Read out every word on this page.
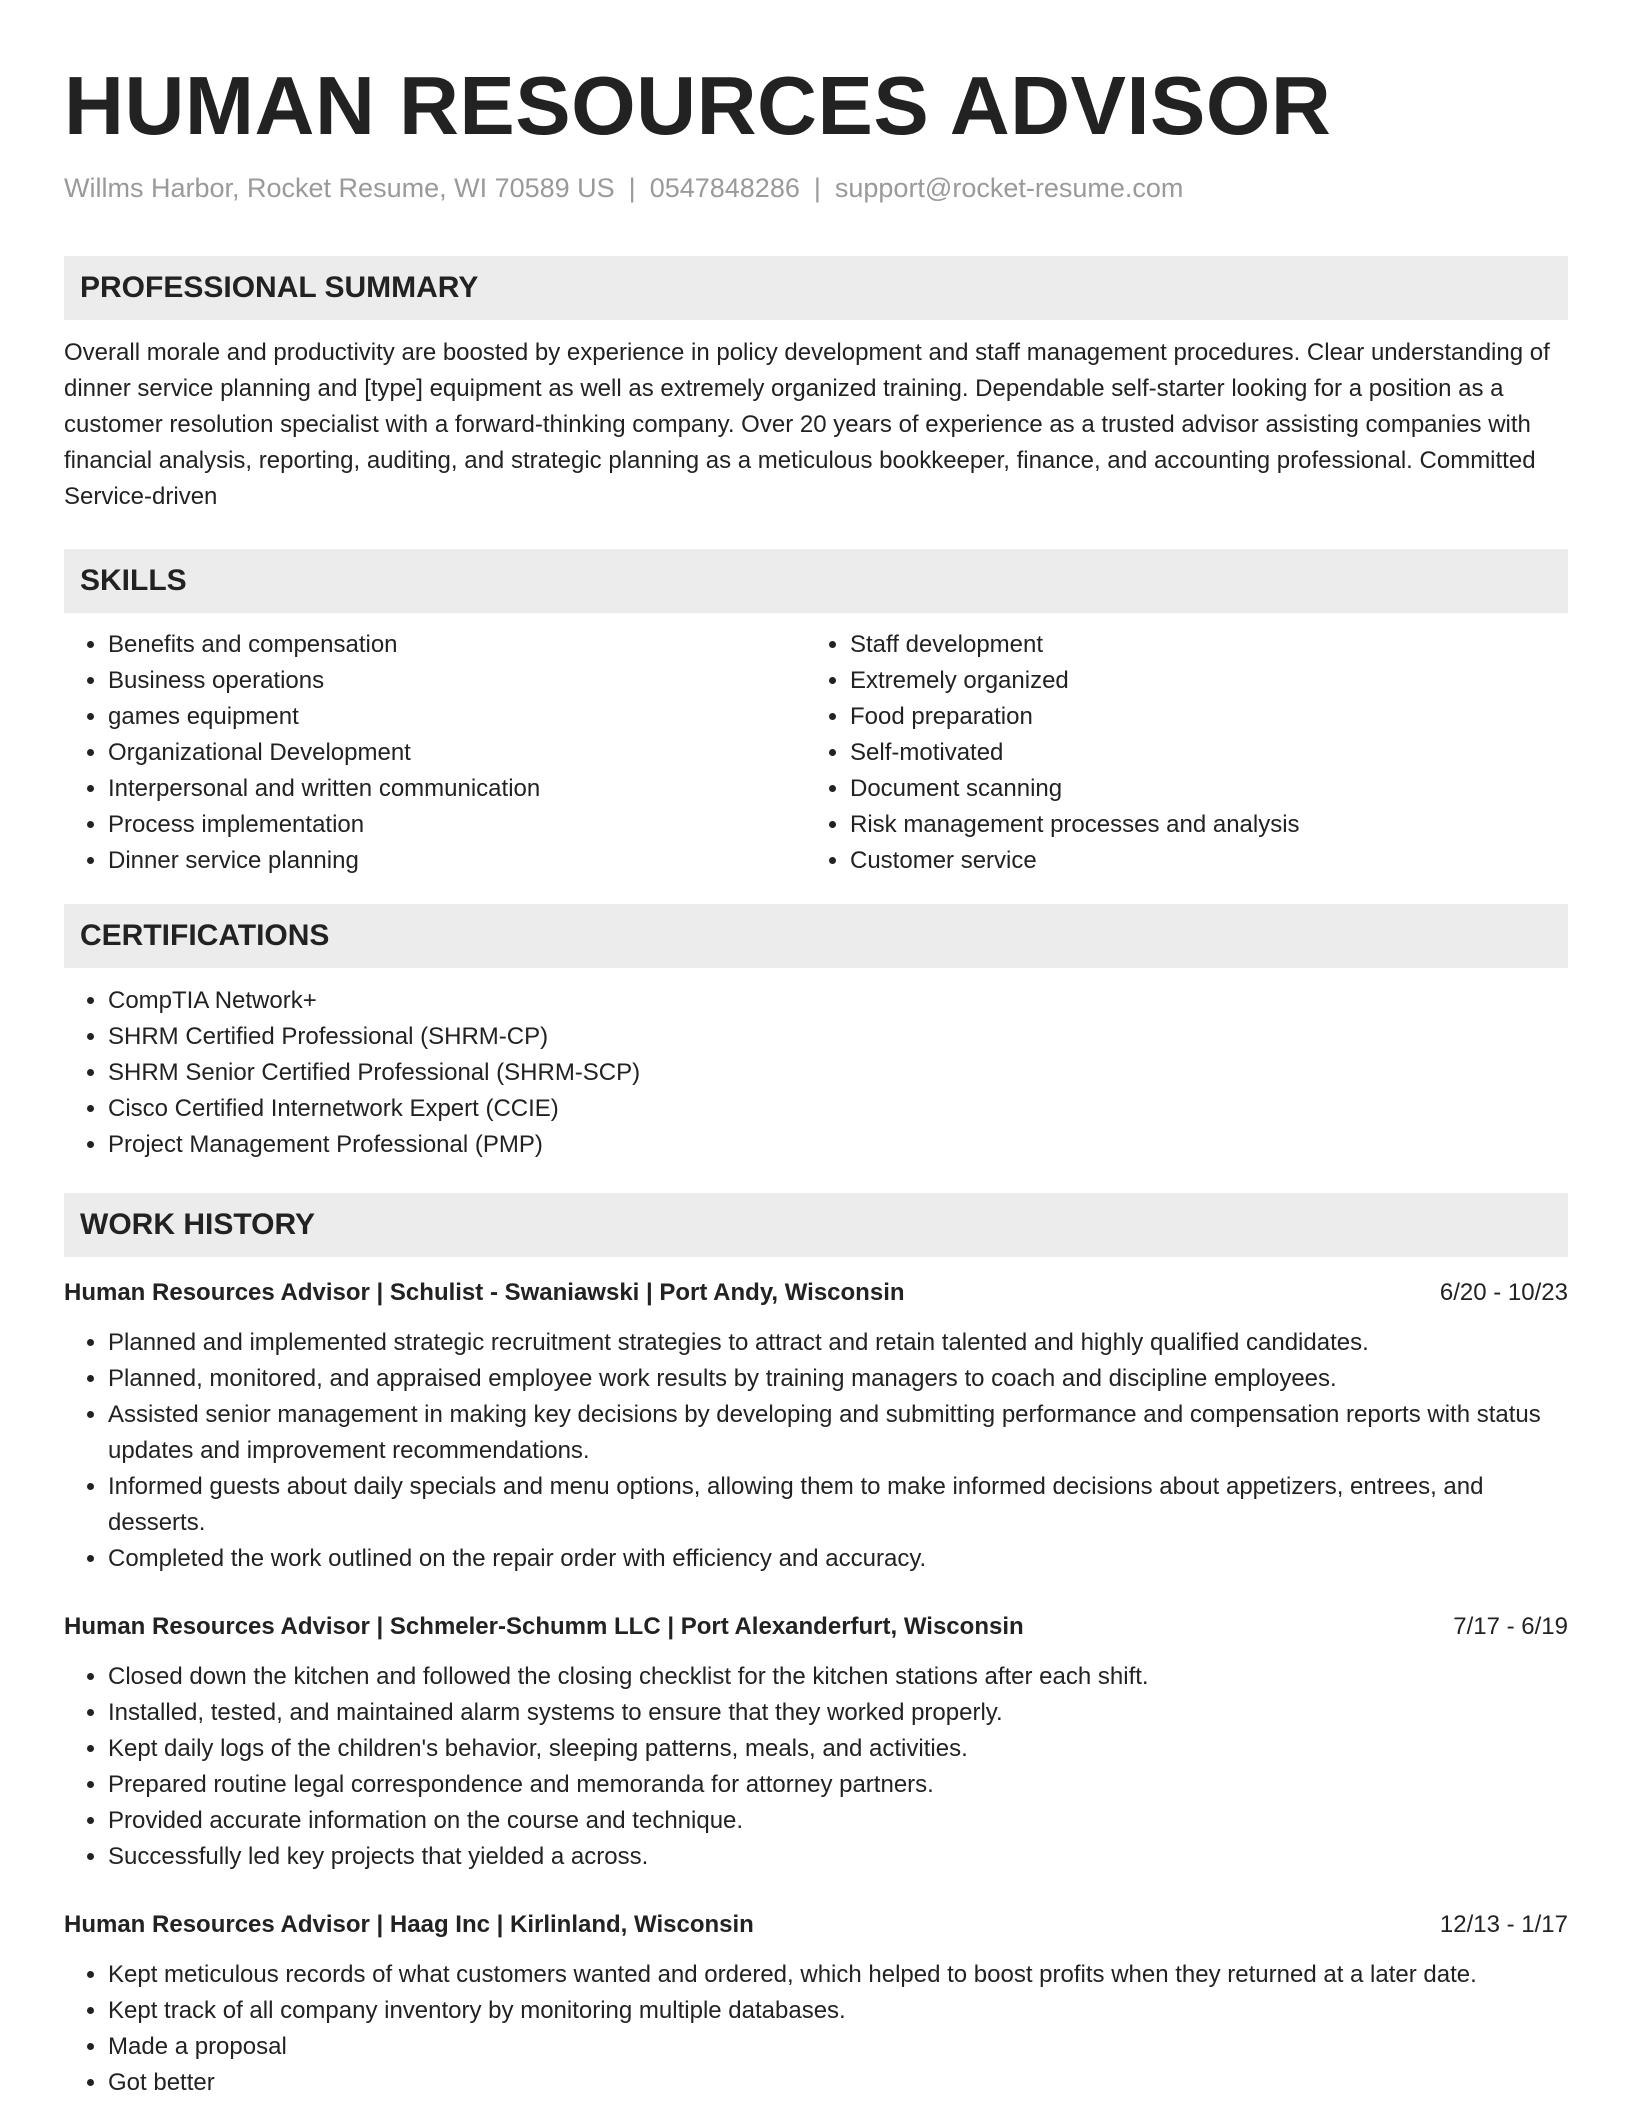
HUMAN RESOURCES ADVISOR
Willms Harbor, Rocket Resume, WI 70589 US | 0547848286 | support@rocket-resume.com
PROFESSIONAL SUMMARY
Overall morale and productivity are boosted by experience in policy development and staff management procedures. Clear understanding of dinner service planning and [type] equipment as well as extremely organized training. Dependable self-starter looking for a position as a customer resolution specialist with a forward-thinking company. Over 20 years of experience as a trusted advisor assisting companies with financial analysis, reporting, auditing, and strategic planning as a meticulous bookkeeper, finance, and accounting professional. Committed Service-driven
SKILLS
• Benefits and compensation
• Business operations
• games equipment
• Organizational Development
• Interpersonal and written communication
• Process implementation
• Dinner service planning
• Staff development
• Extremely organized
• Food preparation
• Self-motivated
• Document scanning
• Risk management processes and analysis
• Customer service
CERTIFICATIONS
• CompTIA Network+
• SHRM Certified Professional (SHRM-CP)
• SHRM Senior Certified Professional (SHRM-SCP)
• Cisco Certified Internetwork Expert (CCIE)
• Project Management Professional (PMP)
WORK HISTORY
Human Resources Advisor | Schulist - Swaniawski | Port Andy, Wisconsin	6/20 - 10/23
• Planned and implemented strategic recruitment strategies to attract and retain talented and highly qualified candidates.
• Planned, monitored, and appraised employee work results by training managers to coach and discipline employees.
• Assisted senior management in making key decisions by developing and submitting performance and compensation reports with status updates and improvement recommendations.
• Informed guests about daily specials and menu options, allowing them to make informed decisions about appetizers, entrees, and desserts.
• Completed the work outlined on the repair order with efficiency and accuracy.
Human Resources Advisor | Schmeler-Schumm LLC | Port Alexanderfurt, Wisconsin	7/17 - 6/19
• Closed down the kitchen and followed the closing checklist for the kitchen stations after each shift.
• Installed, tested, and maintained alarm systems to ensure that they worked properly.
• Kept daily logs of the children's behavior, sleeping patterns, meals, and activities.
• Prepared routine legal correspondence and memoranda for attorney partners.
• Provided accurate information on the course and technique.
• Successfully led key projects that yielded a across.
Human Resources Advisor | Haag Inc | Kirlinland, Wisconsin	12/13 - 1/17
• Kept meticulous records of what customers wanted and ordered, which helped to boost profits when they returned at a later date.
• Kept track of all company inventory by monitoring multiple databases.
• Made a proposal
• Got better
